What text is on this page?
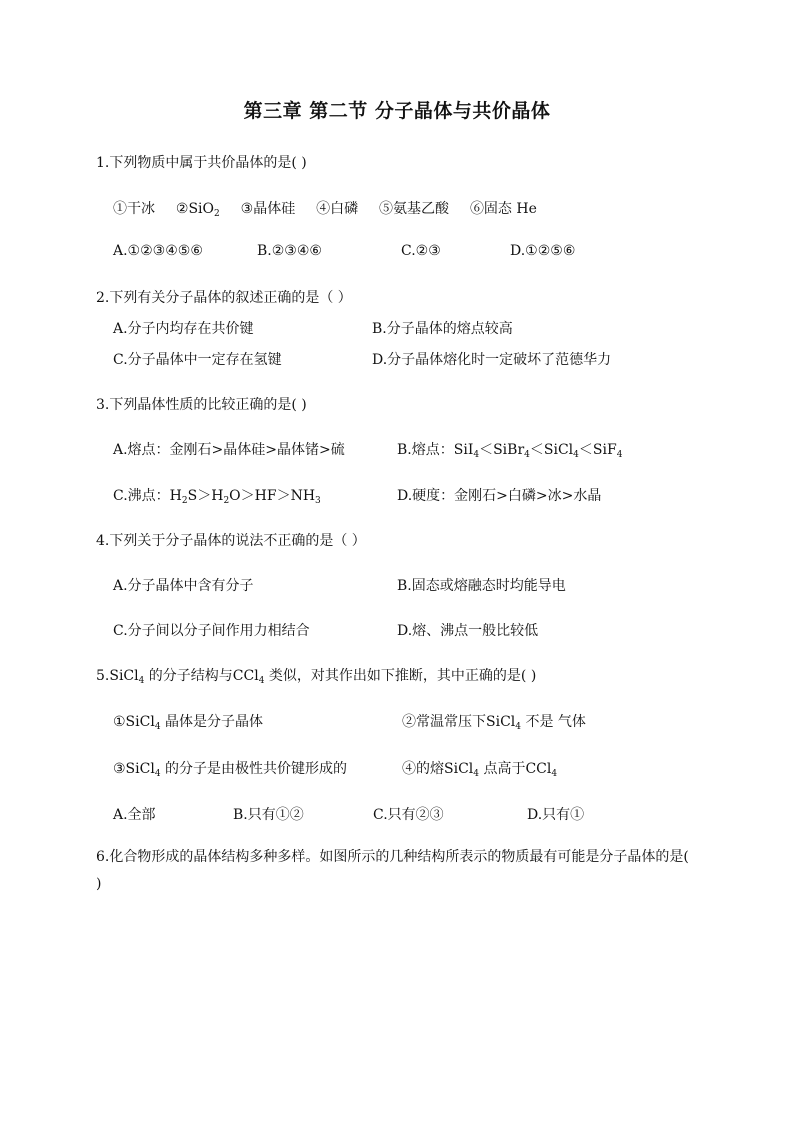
第三章 第二节 分子晶体与共价晶体
1.下列物质中属于共价晶体的是( )
①干冰 ②SiO$_2$ ③晶体硅 ④白磷 ⑤氨基乙酸 ⑥固态 He
A.①②③④⑤⑥	B.②③④⑥	C.②③	D.①②⑤⑥
2.下列有关分子晶体的叙述正确的是（ ）
A.分子内均存在共价键	B.分子晶体的熔点较高
C.分子晶体中一定存在氢键	D.分子晶体熔化时一定破坏了范德华力
3.下列晶体性质的比较正确的是( )
A.熔点：金刚石>晶体硅>晶体锗>硫	B.熔点：SiI$_4$＜SiBr$_4$＜SiCl$_4$＜SiF$_4$
C.沸点：$H_2S>H_2O>HF>NH_3$	D.硬度：金刚石>白磷>冰>水晶
4.下列关于分子晶体的说法不正确的是（ ）
A.分子晶体中含有分子	B.固态或熔融态时均能导电
C.分子间以分子间作用力相结合	D.熔、沸点一般比较低
5.SiCl$_4$ 的分子结构与CCl$_4$ 类似，对其作出如下推断，其中正确的是( )
①SiCl$_4$ 晶体是分子晶体	②常温常压下SiCl$_4$ 不是 气体
③SiCl$_4$ 的分子是由极性共价键形成的	④的熔SiCl$_4$ 点高于CCl$_4$
A.全部	B.只有①②	C.只有②③	D.只有①
6.化合物形成的晶体结构多种多样。如图所示的几种结构所表示的物质最有可能是分子晶体的是( )
